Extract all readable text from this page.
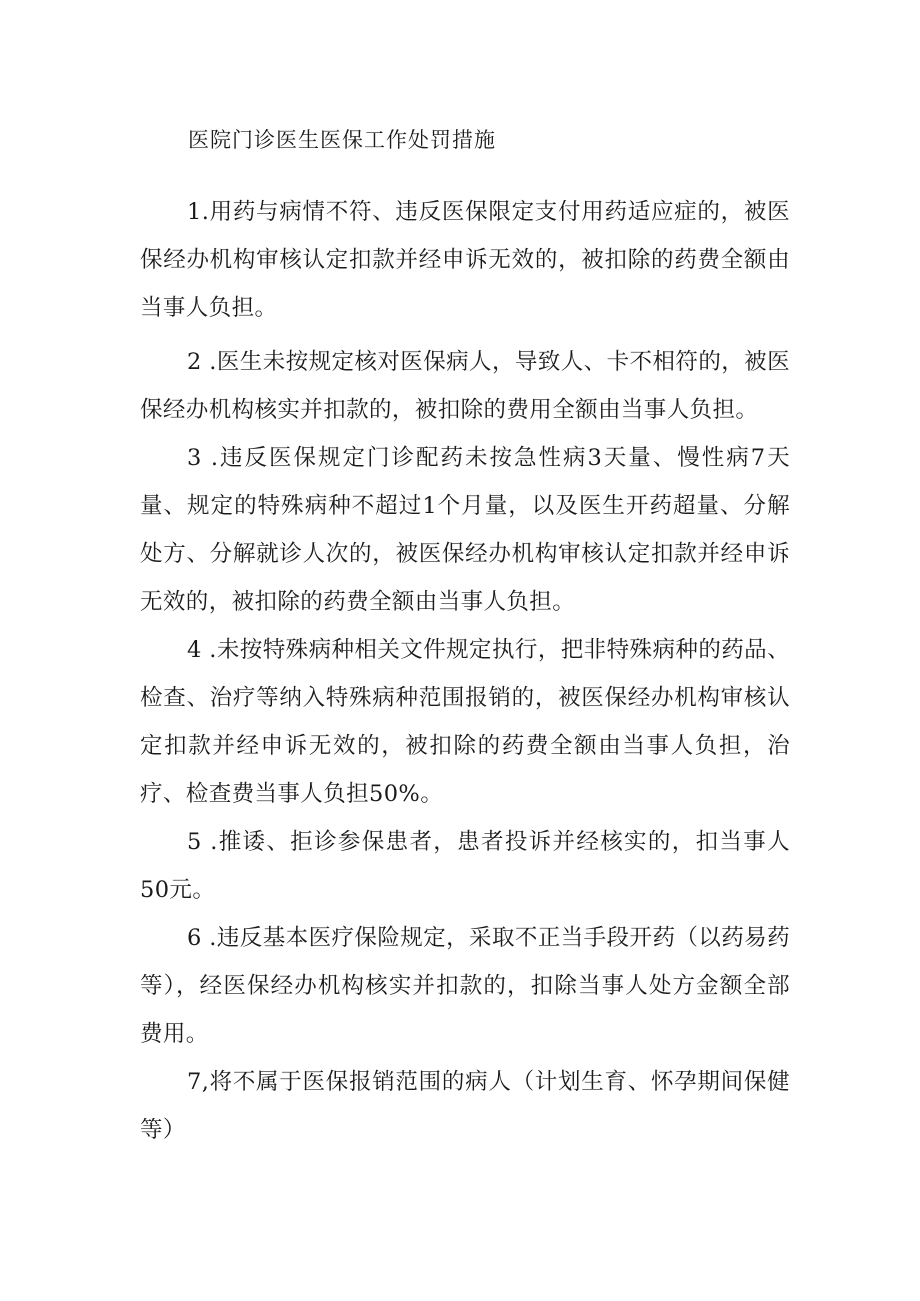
医院门诊医生医保工作处罚措施

1.用药与病情不符、违反医保限定支付用药适应症的，被医保经办机构审核认定扣款并经申诉无效的，被扣除的药费全额由当事人负担。

2 .医生未按规定核对医保病人，导致人、卡不相符的，被医保经办机构核实并扣款的，被扣除的费用全额由当事人负担。

3 .违反医保规定门诊配药未按急性病3天量、慢性病7天量、规定的特殊病种不超过1个月量，以及医生开药超量、分解处方、分解就诊人次的，被医保经办机构审核认定扣款并经申诉无效的，被扣除的药费全额由当事人负担。

4 .未按特殊病种相关文件规定执行，把非特殊病种的药品、检查、治疗等纳入特殊病种范围报销的，被医保经办机构审核认定扣款并经申诉无效的，被扣除的药费全额由当事人负担，治疗、检查费当事人负担50%。

5 .推诿、拒诊参保患者，患者投诉并经核实的，扣当事人50元。

6 .违反基本医疗保险规定，采取不正当手段开药（以药易药等），经医保经办机构核实并扣款的，扣除当事人处方金额全部费用。

7,将不属于医保报销范围的病人（计划生育、怀孕期间保健等）
